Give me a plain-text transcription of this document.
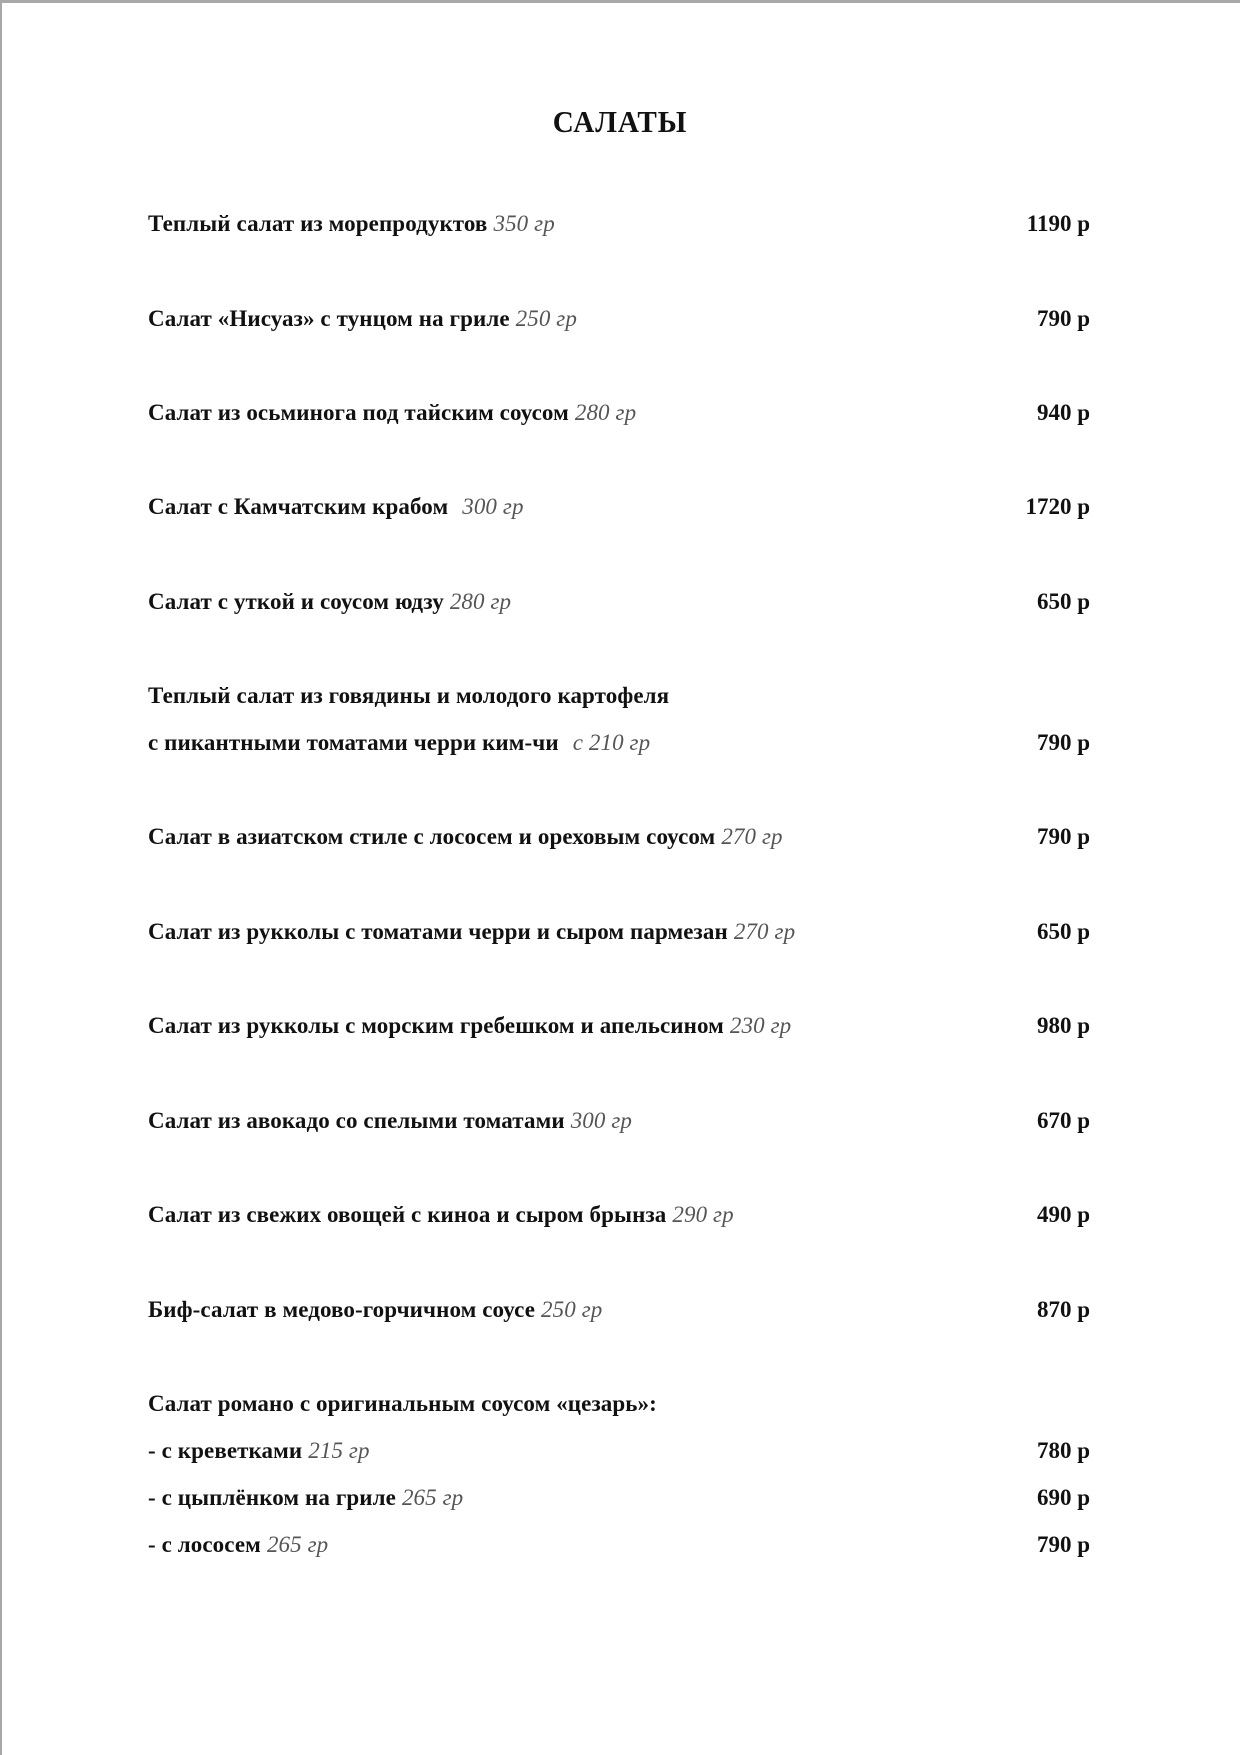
САЛАТЫ
Теплый салат из морепродуктов 350 гр	1190 р
Салат «Нисуаз» с тунцом на гриле 250 гр	790 р
Салат из осьминога под тайским соусом 280 гр	940 р
Салат с Камчатским крабом 300 гр	1720 р
Салат с уткой и соусом юдзу 280 гр	650 р
Теплый салат из говядины и молодого картофеля
с пикантными томатами черри ким-чи с 210 гр	790 р
Салат в азиатском стиле с лососем и ореховым соусом 270 гр	790 р
Салат из рукколы с томатами черри и сыром пармезан 270 гр	650 р
Салат из рукколы с морским гребешком и апельсином 230 гр	980 р
Салат из авокадо со спелыми томатами 300 гр	670 р
Салат из свежих овощей с киноа и сыром брынза 290 гр	490 р
Биф-салат в медово-горчичном соусе 250 гр	870 р
Салат романо с оригинальным соусом «цезарь»:
- с креветками 215 гр	780 р
- с цыплёнком на гриле 265 гр	690 р
- с лососем 265 гр	790 р
